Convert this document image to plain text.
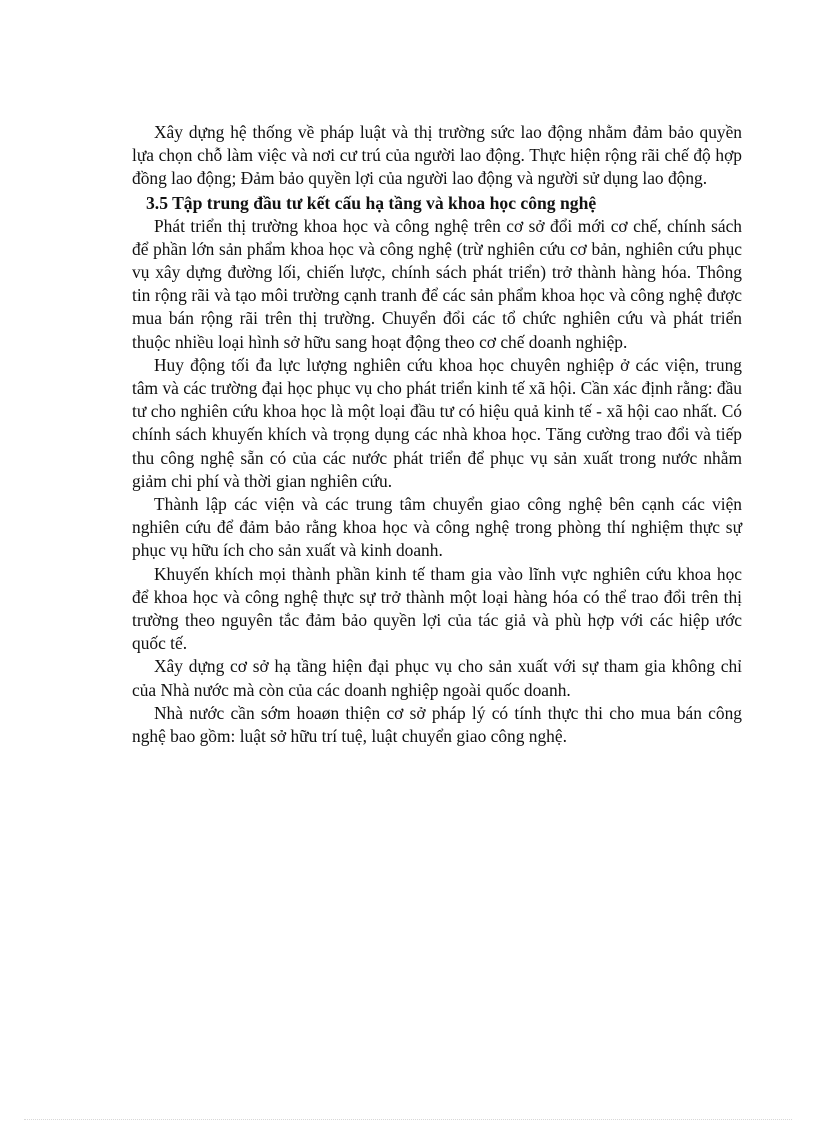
Xây dựng hệ thống về pháp luật và thị trường sức lao động nhằm đảm bảo quyền lựa chọn chỗ làm việc và nơi cư trú của người lao động. Thực hiện rộng rãi chế độ hợp đồng lao động; Đảm bảo quyền lợi của người lao động và người sử dụng lao động.

3.5 Tập trung đầu tư kết cấu hạ tầng và khoa học công nghệ

Phát triển thị trường khoa học và công nghệ trên cơ sở đổi mới cơ chế, chính sách để phần lớn sản phẩm khoa học và công nghệ (trừ nghiên cứu cơ bản, nghiên cứu phục vụ xây dựng đường lối, chiến lược, chính sách phát triển) trở thành hàng hóa. Thông tin rộng rãi và tạo môi trường cạnh tranh để các sản phẩm khoa học và công nghệ được mua bán rộng rãi trên thị trường. Chuyển đổi các tổ chức nghiên cứu và phát triển thuộc nhiều loại hình sở hữu sang hoạt động theo cơ chế doanh nghiệp.

Huy động tối đa lực lượng nghiên cứu khoa học chuyên nghiệp ở các viện, trung tâm và các trường đại học phục vụ cho phát triển kinh tế xã hội. Cần xác định rằng: đầu tư cho nghiên cứu khoa học là một loại đầu tư có hiệu quả kinh tế - xã hội cao nhất. Có chính sách khuyến khích và trọng dụng các nhà khoa học. Tăng cường trao đổi và tiếp thu công nghệ sẵn có của các nước phát triển để phục vụ sản xuất trong nước nhằm giảm chi phí và thời gian nghiên cứu.

Thành lập các viện và các trung tâm chuyển giao công nghệ bên cạnh các viện nghiên cứu để đảm bảo rằng khoa học và công nghệ trong phòng thí nghiệm thực sự phục vụ hữu ích cho sản xuất và kinh doanh.

Khuyến khích mọi thành phần kinh tế tham gia vào lĩnh vực nghiên cứu khoa học để khoa học và công nghệ thực sự trở thành một loại hàng hóa có thể trao đổi trên thị trường theo nguyên tắc đảm bảo quyền lợi của tác giả và phù hợp với các hiệp ước quốc tế.

Xây dựng cơ sở hạ tầng hiện đại phục vụ cho sản xuất với sự tham gia không chỉ của Nhà nước mà còn của các doanh nghiệp ngoài quốc doanh.

Nhà nước cần sớm hoaøn thiện cơ sở pháp lý có tính thực thi cho mua bán công nghệ bao gồm: luật sở hữu trí tuệ, luật chuyển giao công nghệ.
